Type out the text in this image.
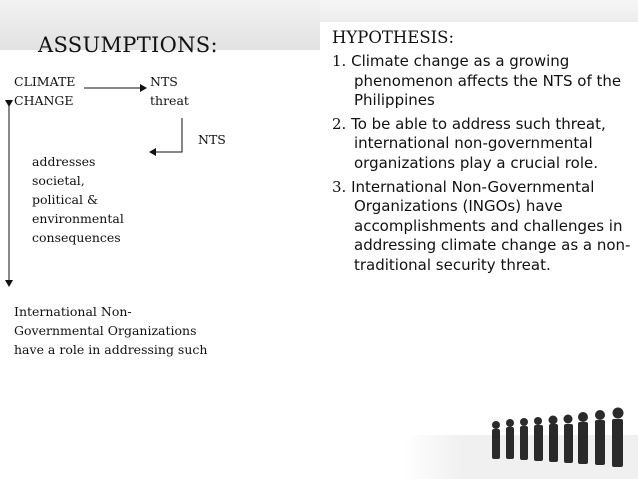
ASSUMPTIONS:
CLIMATE
CHANGE
NTS
threat
NTS
addresses
societal,
political &
environmental
consequences
International Non-
Governmental Organizations
have a role in addressing such
HYPOTHESIS:
1. Climate change as a growing phenomenon affects the NTS of the Philippines
2. To be able to address such threat, international non-governmental organizations play a crucial role.
3. International Non-Governmental Organizations (INGOs) have accomplishments and challenges in addressing climate change as a non- traditional security threat.
